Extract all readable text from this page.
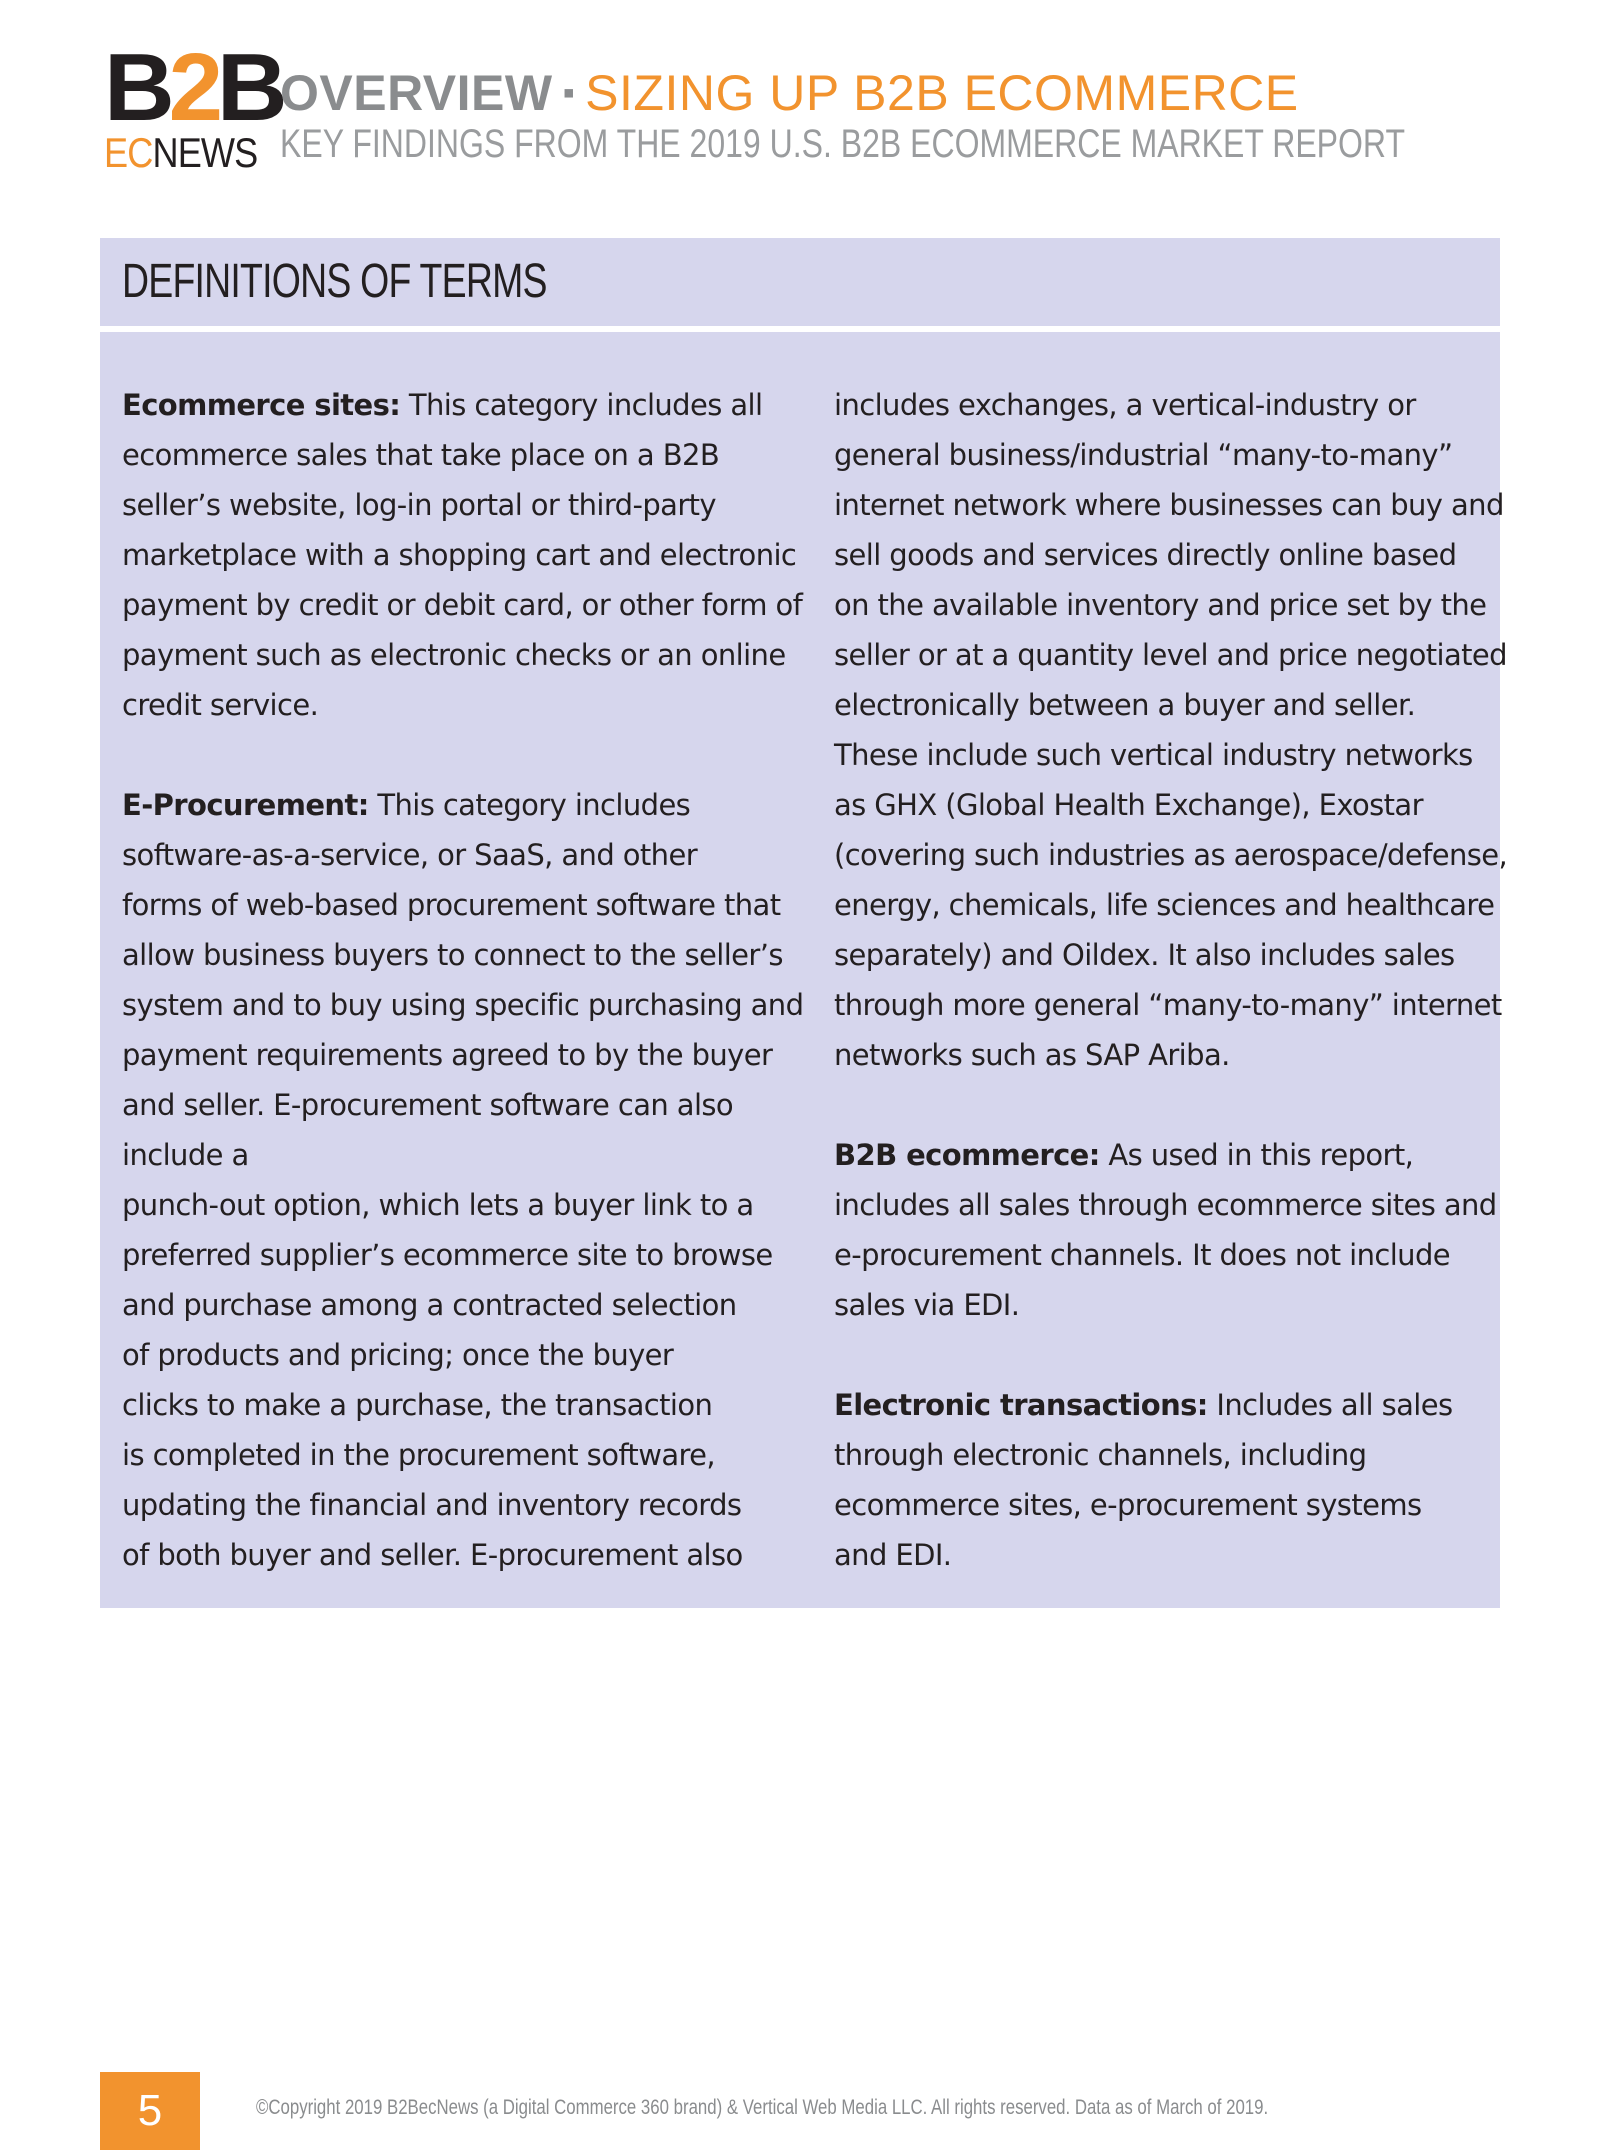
B2B
ECNEWS
OVERVIEW ▪ SIZING UP B2B ECOMMERCE
KEY FINDINGS FROM THE 2019 U.S. B2B ECOMMERCE MARKET REPORT
DEFINITIONS OF TERMS
Ecommerce sites: This category includes all
ecommerce sales that take place on a B2B
seller’s website, log-in portal or third-party
marketplace with a shopping cart and electronic
payment by credit or debit card, or other form of
payment such as electronic checks or an online
credit service.
E-Procurement: This category includes
software-as-a-service, or SaaS, and other
forms of web-based procurement software that
allow business buyers to connect to the seller’s
system and to buy using specific purchasing and
payment requirements agreed to by the buyer
and seller. E-procurement software can also
include a
punch-out option, which lets a buyer link to a
preferred supplier’s ecommerce site to browse
and purchase among a contracted selection
of products and pricing; once the buyer
clicks to make a purchase, the transaction
is completed in the procurement software,
updating the financial and inventory records
of both buyer and seller. E-procurement also
includes exchanges, a vertical-industry or
general business/industrial “many-to-many”
internet network where businesses can buy and
sell goods and services directly online based
on the available inventory and price set by the
seller or at a quantity level and price negotiated
electronically between a buyer and seller.
These include such vertical industry networks
as GHX (Global Health Exchange), Exostar
(covering such industries as aerospace/defense,
energy, chemicals, life sciences and healthcare
separately) and Oildex. It also includes sales
through more general “many-to-many” internet
networks such as SAP Ariba.
B2B ecommerce: As used in this report,
includes all sales through ecommerce sites and
e-procurement channels. It does not include
sales via EDI.
Electronic transactions: Includes all sales
through electronic channels, including
ecommerce sites, e-procurement systems
and EDI.
5	©Copyright 2019 B2BecNews (a Digital Commerce 360 brand) & Vertical Web Media LLC. All rights reserved. Data as of March of 2019.
